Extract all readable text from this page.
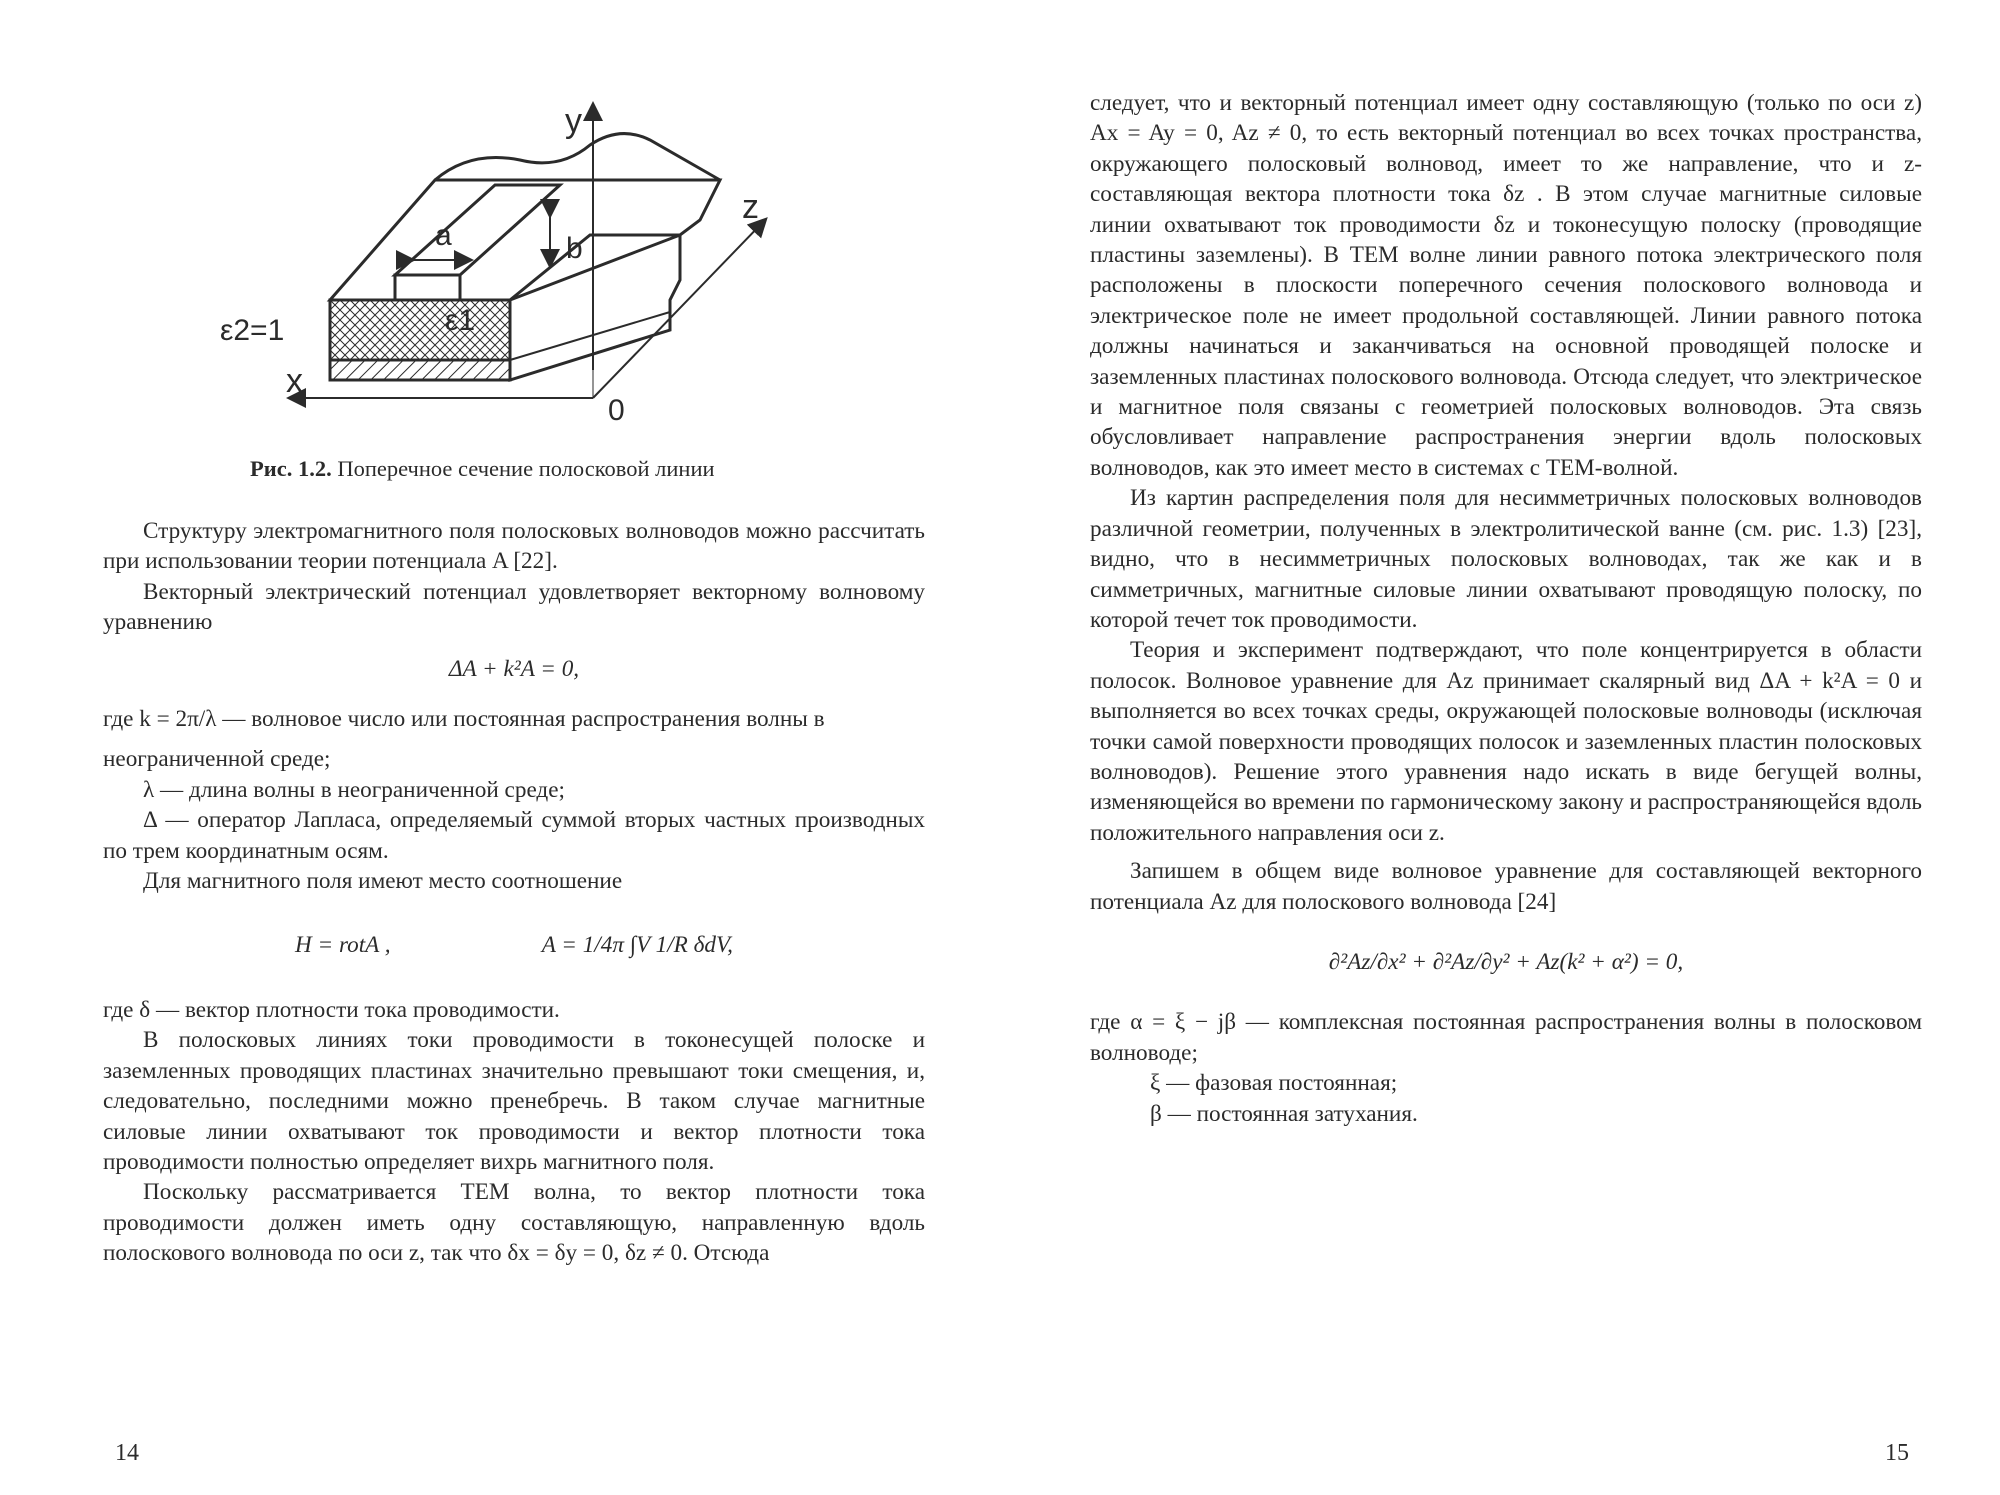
y
z
x
0
a	b
ε2=1	ε1
Рис. 1.2. Поперечное сечение полосковой линии

Структуру электромагнитного поля полосковых волноводов можно рассчитать при использовании теории потенциала A [22].

Векторный электрический потенциал удовлетворяет векторному волновому уравнению

ΔA + k²A = 0,

где k = 2π/λ — волновое число или постоянная распространения волны в

неограниченной среде;

λ — длина волны в неограниченной среде;

Δ — оператор Лапласа, определяемый суммой вторых частных производных по трем координатным осям.

Для магнитного поля имеют место соотношение

H = rotA ,	A = 1/4π ∫V 1/R δdV,

где δ — вектор плотности тока проводимости.

В полосковых линиях токи проводимости в токонесущей полоске и заземленных проводящих пластинах значительно превышают токи смещения, и, следовательно, последними можно пренебречь. В таком случае магнитные силовые линии охватывают ток проводимости и вектор плотности тока проводимости полностью определяет вихрь магнитного поля.

Поскольку рассматривается TEM волна, то вектор плотности тока проводимости должен иметь одну составляющую, направленную вдоль полоскового волновода по оси z, так что δx = δy = 0, δz ≠ 0. Отсюда

14

следует, что и векторный потенциал имеет одну составляющую (только по оси z) Ax = Ay = 0, Az ≠ 0, то есть векторный потенциал во всех точках пространства, окружающего полосковый волновод, имеет то же направление, что и z-составляющая вектора плотности тока δz . В этом случае магнитные силовые линии охватывают ток проводимости δz и токонесущую полоску (проводящие пластины заземлены). В TEM волне линии равного потока электрического поля расположены в плоскости поперечного сечения полоскового волновода и электрическое поле не имеет продольной составляющей. Линии равного потока должны начинаться и заканчиваться на основной проводящей полоске и заземленных пластинах полоскового волновода. Отсюда следует, что электрическое и магнитное поля связаны с геометрией полосковых волноводов. Эта связь обусловливает направление распространения энергии вдоль полосковых волноводов, как это имеет место в системах с TEM-волной.

Из картин распределения поля для несимметричных полосковых волноводов различной геометрии, полученных в электролитической ванне (см. рис. 1.3) [23], видно, что в несимметричных полосковых волноводах, так же как и в симметричных, магнитные силовые линии охватывают проводящую полоску, по которой течет ток проводимости.

Теория и эксперимент подтверждают, что поле концентрируется в области полосок. Волновое уравнение для Az принимает скалярный вид ΔA + k²A = 0 и выполняется во всех точках среды, окружающей полосковые волноводы (исключая точки самой поверхности проводящих полосок и заземленных пластин полосковых волноводов). Решение этого уравнения надо искать в виде бегущей волны, изменяющейся во времени по гармоническому закону и распространяющейся вдоль положительного направления оси z.

Запишем в общем виде волновое уравнение для составляющей векторного потенциала Az для полоскового волновода [24]

∂²Az/∂x² + ∂²Az/∂y² + Az(k² + α²) = 0,

где α = ξ − jβ — комплексная постоянная распространения волны в полосковом волноводе;

ξ — фазовая постоянная;

β — постоянная затухания.

15
